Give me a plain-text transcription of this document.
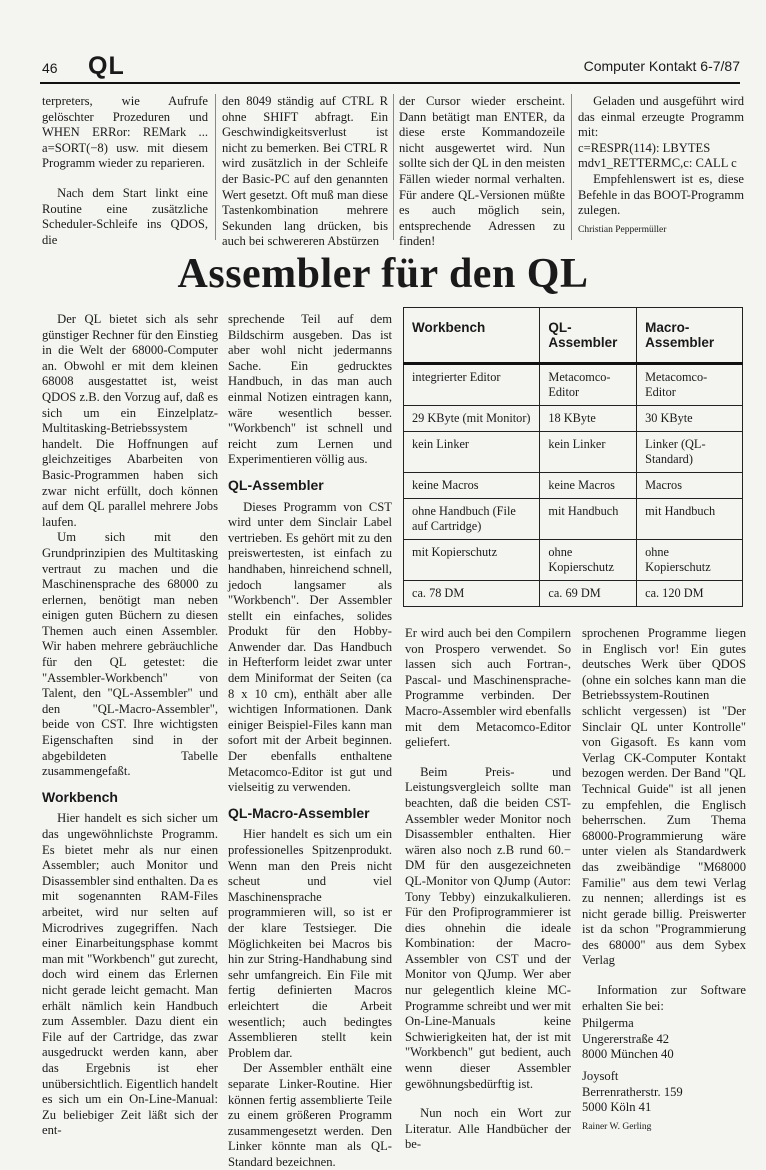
46 QL	Computer Kontakt 6-7/87

terpreters, wie Aufrufe gelöschter Prozeduren und WHEN ERRor: REMark ... a=SORT(−8) usw. mit diesem Programm wieder zu reparieren.

Nach dem Start linkt eine Routine eine zusätzliche Scheduler-Schleife ins QDOS, die

den 8049 ständig auf CTRL R ohne SHIFT abfragt. Ein Geschwindigkeitsverlust ist nicht zu bemerken. Bei CTRL R wird zusätzlich in der Schleife der Basic-PC auf den genannten Wert gesetzt. Oft muß man diese Tastenkombination mehrere Sekunden lang drücken, bis auch bei schwereren Abstürzen

der Cursor wieder erscheint. Dann betätigt man ENTER, da diese erste Kommandozeile nicht ausgewertet wird. Nun sollte sich der QL in den meisten Fällen wieder normal verhalten. Für andere QL-Versionen müßte es auch möglich sein, entsprechende Adressen zu finden!

Geladen und ausgeführt wird das einmal erzeugte Programm mit:

c=RESPR(114): LBYTES mdv1_RETTERMC,c: CALL c

Empfehlenswert ist es, diese Befehle in das BOOT-Programm zulegen.

Christian Peppermüller
Assembler für den QL

Der QL bietet sich als sehr günstiger Rechner für den Einstieg in die Welt der 68000-Computer an. Obwohl er mit dem kleinen 68008 ausgestattet ist, weist QDOS z.B. den Vorzug auf, daß es sich um ein Einzelplatz-Multitasking-Betriebssystem handelt. Die Hoffnungen auf gleichzeitiges Abarbeiten von Basic-Programmen haben sich zwar nicht erfüllt, doch können auf dem QL parallel mehrere Jobs laufen.

Um sich mit den Grundprinzipien des Multitasking vertraut zu machen und die Maschinensprache des 68000 zu erlernen, benötigt man neben einigen guten Büchern zu diesen Themen auch einen Assembler. Wir haben mehrere gebräuchliche für den QL getestet: die "Assembler-Workbench" von Talent, den "QL-Assembler" und den "QL-Macro-Assembler", beide von CST. Ihre wichtigsten Eigenschaften sind in der abgebildeten Tabelle zusammengefaßt.

Workbench

Hier handelt es sich sicher um das ungewöhnlichste Programm. Es bietet mehr als nur einen Assembler; auch Monitor und Disassembler sind enthalten. Da es mit sogenannten RAM-Files arbeitet, wird nur selten auf Microdrives zugegriffen. Nach einer Einarbeitungsphase kommt man mit "Workbench" gut zurecht, doch wird einem das Erlernen nicht gerade leicht gemacht. Man erhält nämlich kein Handbuch zum Assembler. Dazu dient ein File auf der Cartridge, das zwar ausgedruckt werden kann, aber das Ergebnis ist eher unübersichtlich. Eigentlich handelt es sich um ein On-Line-Manual: Zu beliebiger Zeit läßt sich der ent-

sprechende Teil auf dem Bildschirm ausgeben. Das ist aber wohl nicht jedermanns Sache. Ein gedrucktes Handbuch, in das man auch einmal Notizen eintragen kann, wäre wesentlich besser. "Workbench" ist schnell und reicht zum Lernen und Experimentieren völlig aus.

QL-Assembler

Dieses Programm von CST wird unter dem Sinclair Label vertrieben. Es gehört mit zu den preiswertesten, ist einfach zu handhaben, hinreichend schnell, jedoch langsamer als "Workbench". Der Assembler stellt ein einfaches, solides Produkt für den Hobby-Anwender dar. Das Handbuch in Hefterform leidet zwar unter dem Miniformat der Seiten (ca 8 x 10 cm), enthält aber alle wichtigen Informationen. Dank einiger Beispiel-Files kann man sofort mit der Arbeit beginnen. Der ebenfalls enthaltene Metacomco-Editor ist gut und vielseitig zu verwenden.

QL-Macro-Assembler

Hier handelt es sich um ein professionelles Spitzenprodukt. Wenn man den Preis nicht scheut und viel Maschinensprache programmieren will, so ist er der klare Testsieger. Die Möglichkeiten bei Macros bis hin zur String-Handhabung sind sehr umfangreich. Ein File mit fertig definierten Macros erleichtert die Arbeit wesentlich; auch bedingtes Assemblieren stellt kein Problem dar.

Der Assembler enthält eine separate Linker-Routine. Hier können fertig assemblierte Teile zu einem größeren Programm zusammengesetzt werden. Den Linker könnte man als QL-Standard bezeichnen.

Workbench	QL-Assembler	Macro-Assembler
integrierter Editor	Metacomco-Editor	Metacomco-Editor
29 KByte (mit Monitor)	18 KByte	30 KByte
kein Linker	kein Linker	Linker (QL-Standard)
keine Macros	keine Macros	Macros
ohne Handbuch (File auf Cartridge)	mit Handbuch	mit Handbuch
mit Kopierschutz	ohne Kopierschutz	ohne Kopierschutz
ca. 78 DM	ca. 69 DM	ca. 120 DM

Er wird auch bei den Compilern von Prospero verwendet. So lassen sich auch Fortran-, Pascal- und Maschinensprache-Programme verbinden. Der Macro-Assembler wird ebenfalls mit dem Metacomco-Editor geliefert.

Beim Preis- und Leistungsvergleich sollte man beachten, daß die beiden CST-Assembler weder Monitor noch Disassembler enthalten. Hier wären also noch z.B rund 60.− DM für den ausgezeichneten QL-Monitor von QJump (Autor: Tony Tebby) einzukalkulieren. Für den Profiprogrammierer ist dies ohnehin die ideale Kombination: der Macro-Assembler von CST und der Monitor von QJump. Wer aber nur gelegentlich kleine MC-Programme schreibt und wer mit On-Line-Manuals keine Schwierigkeiten hat, der ist mit "Workbench" gut bedient, auch wenn dieser Assembler gewöhnungsbedürftig ist.

Nun noch ein Wort zur Literatur. Alle Handbücher der be-

sprochenen Programme liegen in Englisch vor! Ein gutes deutsches Werk über QDOS (ohne ein solches kann man die Betriebssystem-Routinen schlicht vergessen) ist "Der Sinclair QL unter Kontrolle" von Gigasoft. Es kann vom Verlag CK-Computer Kontakt bezogen werden. Der Band "QL Technical Guide" ist all jenen zu empfehlen, die Englisch beherrschen. Zum Thema 68000-Programmierung wäre unter vielen als Standardwerk das zweibändige "M68000 Familie" aus dem tewi Verlag zu nennen; allerdings ist es nicht gerade billig. Preiswerter ist da schon "Programmierung des 68000" aus dem Sybex Verlag

Information zur Software erhalten Sie bei:

Philgerma
Ungererstraße 42
8000 München 40
Joysoft
Berrenratherstr. 159
5000 Köln 41
Rainer W. Gerling
